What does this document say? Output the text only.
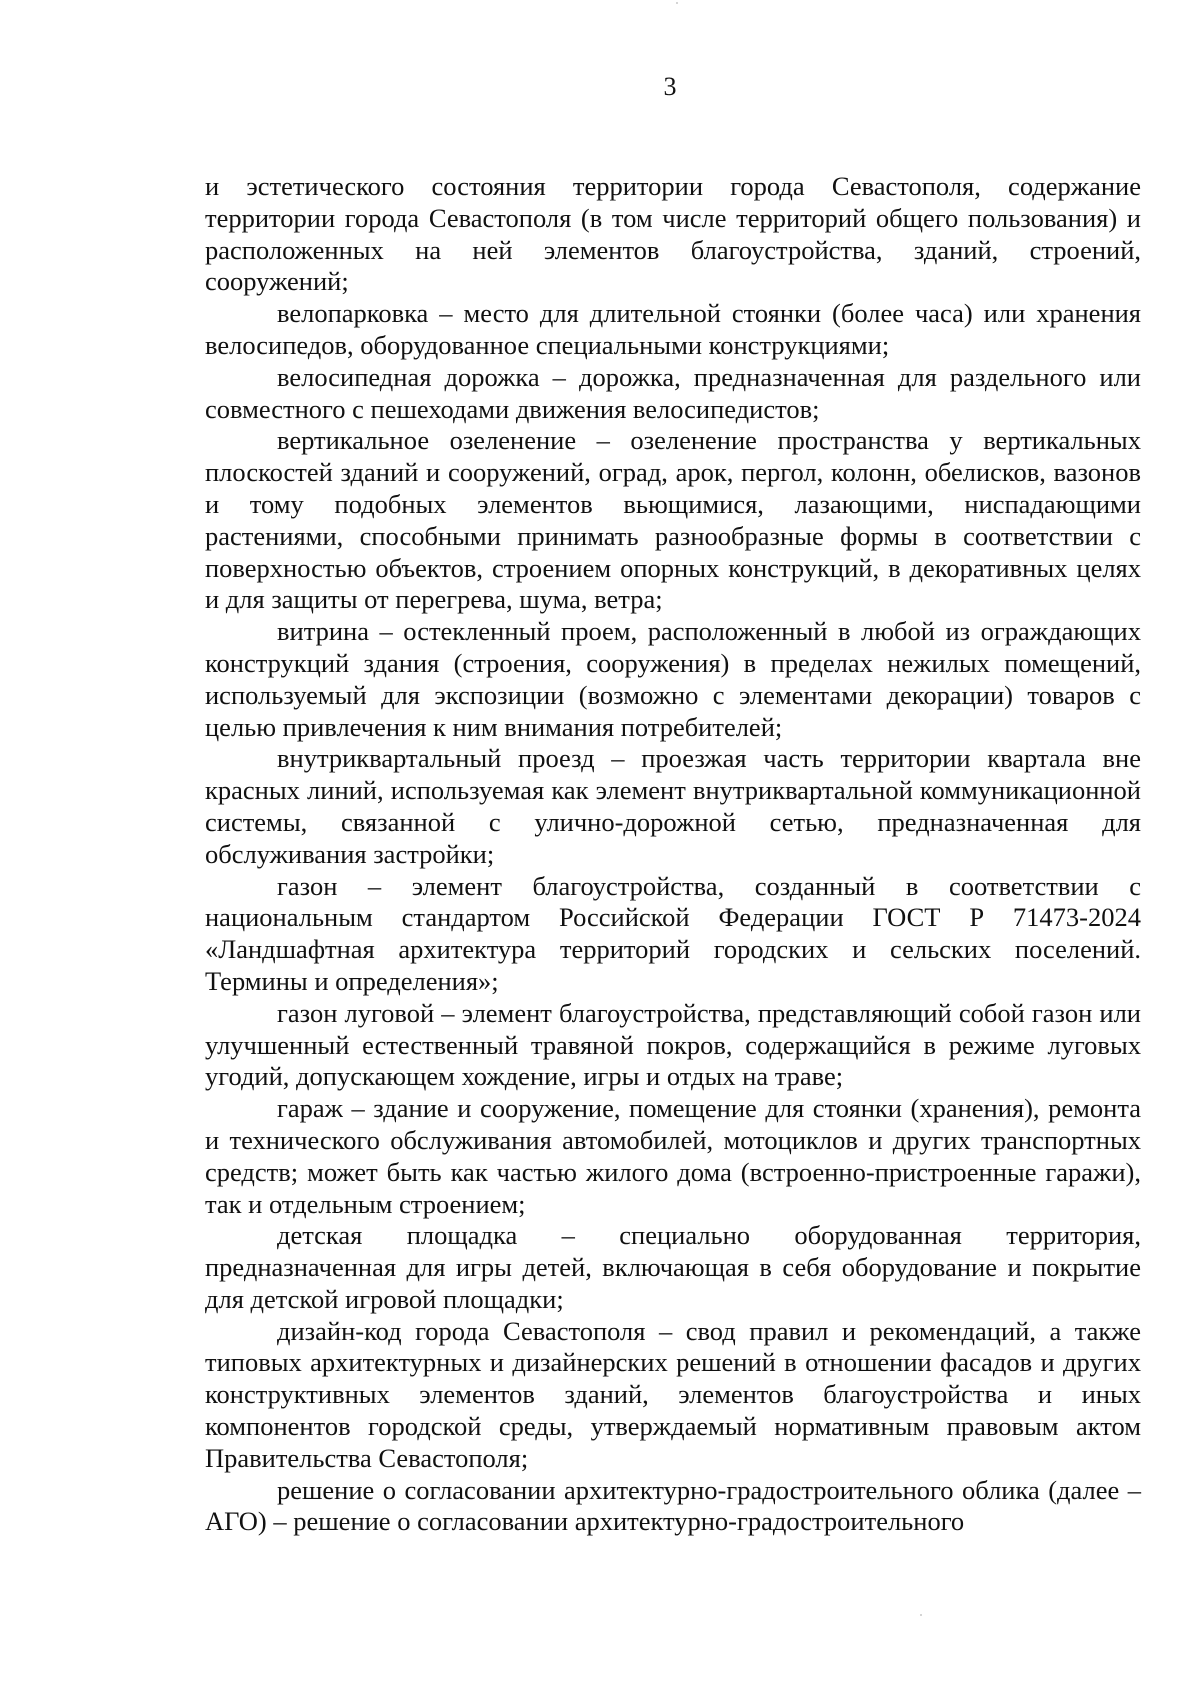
3

и эстетического состояния территории города Севастополя, содержание территории города Севастополя (в том числе территорий общего пользования) и расположенных на ней элементов благоустройства, зданий, строений, сооружений;

велопарковка – место для длительной стоянки (более часа) или хранения велосипедов, оборудованное специальными конструкциями;

велосипедная дорожка – дорожка, предназначенная для раздельного или совместного с пешеходами движения велосипедистов;

вертикальное озеленение – озеленение пространства у вертикальных плоскостей зданий и сооружений, оград, арок, пергол, колонн, обелисков, вазонов и тому подобных элементов вьющимися, лазающими, ниспадающими растениями, способными принимать разнообразные формы в соответствии с поверхностью объектов, строением опорных конструкций, в декоративных целях и для защиты от перегрева, шума, ветра;

витрина – остекленный проем, расположенный в любой из ограждающих конструкций здания (строения, сооружения) в пределах нежилых помещений, используемый для экспозиции (возможно с элементами декорации) товаров с целью привлечения к ним внимания потребителей;

внутриквартальный проезд – проезжая часть территории квартала вне красных линий, используемая как элемент внутриквартальной коммуникационной системы, связанной с улично-дорожной сетью, предназначенная для обслуживания застройки;

газон – элемент благоустройства, созданный в соответствии с национальным стандартом Российской Федерации ГОСТ Р 71473-2024 «Ландшафтная архитектура территорий городских и сельских поселений. Термины и определения»;

газон луговой – элемент благоустройства, представляющий собой газон или улучшенный естественный травяной покров, содержащийся в режиме луговых угодий, допускающем хождение, игры и отдых на траве;

гараж – здание и сооружение, помещение для стоянки (хранения), ремонта и технического обслуживания автомобилей, мотоциклов и других транспортных средств; может быть как частью жилого дома (встроенно-пристроенные гаражи), так и отдельным строением;

детская площадка – специально оборудованная территория, предназначенная для игры детей, включающая в себя оборудование и покрытие для детской игровой площадки;

дизайн-код города Севастополя – свод правил и рекомендаций, а также типовых архитектурных и дизайнерских решений в отношении фасадов и других конструктивных элементов зданий, элементов благоустройства и иных компонентов городской среды, утверждаемый нормативным правовым актом Правительства Севастополя;

решение о согласовании архитектурно-градостроительного облика (далее – АГО) – решение о согласовании архитектурно-градостроительного
